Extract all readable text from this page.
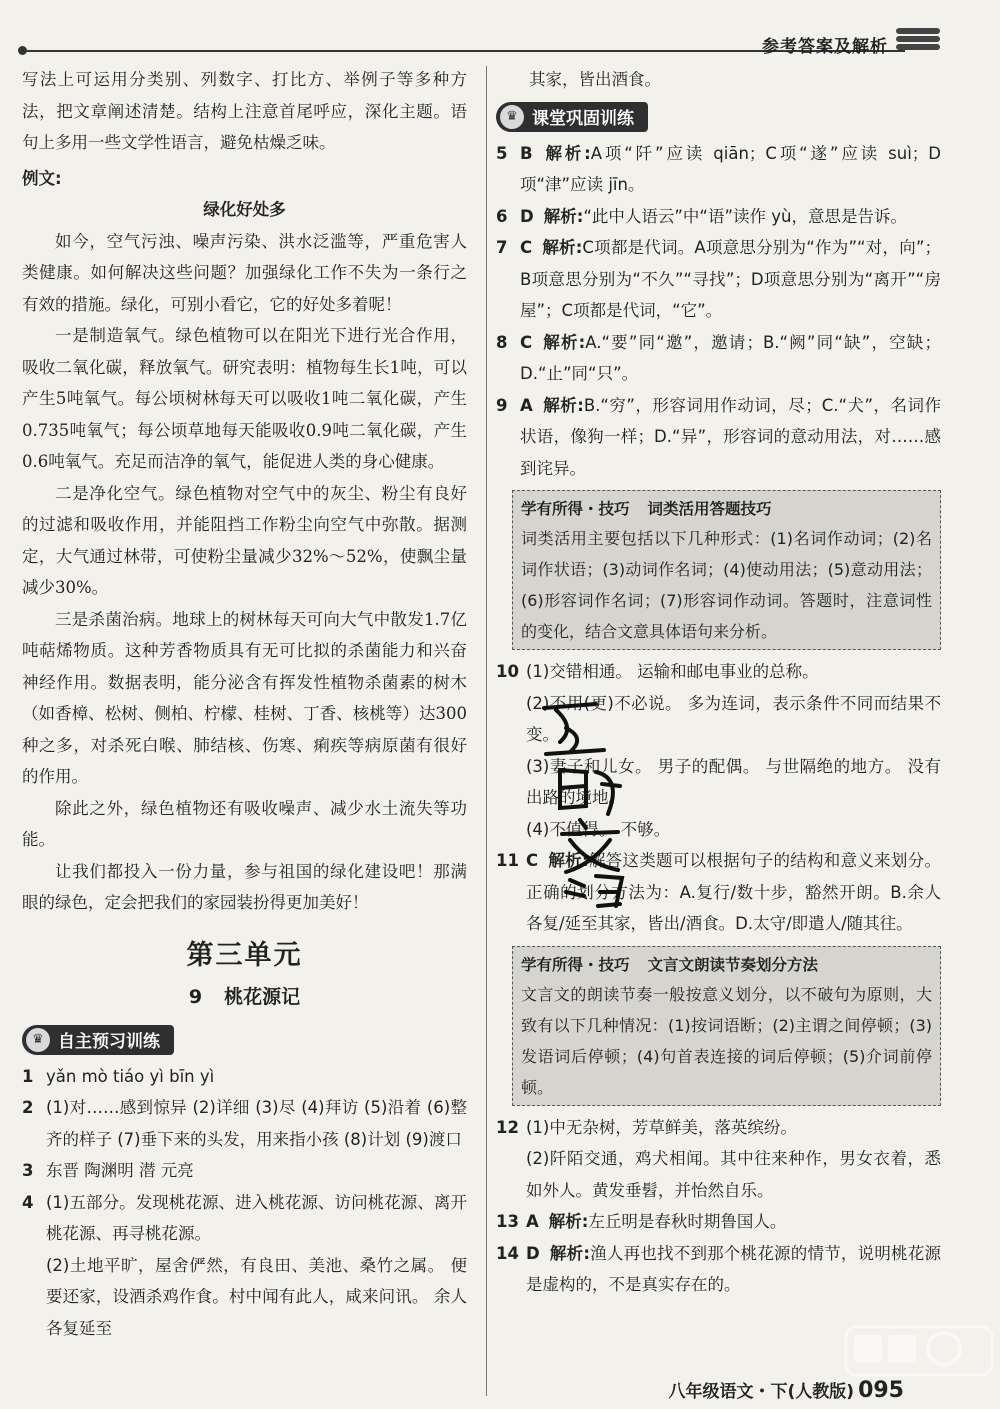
参考答案及解析

写法上可运用分类别、列数字、打比方、举例子等多种方法，把文章阐述清楚。结构上注意首尾呼应，深化主题。语句上多用一些文学性语言，避免枯燥乏味。

例文:

绿化好处多

如今，空气污浊、噪声污染、洪水泛滥等，严重危害人类健康。如何解决这些问题？加强绿化工作不失为一条行之有效的措施。绿化，可别小看它，它的好处多着呢！

一是制造氧气。绿色植物可以在阳光下进行光合作用，吸收二氧化碳，释放氧气。研究表明：植物每生长1吨，可以产生5吨氧气。每公顷树林每天可以吸收1吨二氧化碳，产生0.735吨氧气；每公顷草地每天能吸收0.9吨二氧化碳，产生0.6吨氧气。充足而洁净的氧气，能促进人类的身心健康。

二是净化空气。绿色植物对空气中的灰尘、粉尘有良好的过滤和吸收作用，并能阻挡工作粉尘向空气中弥散。据测定，大气通过林带，可使粉尘量减少32%～52%，使飘尘量减少30%。

三是杀菌治病。地球上的树林每天可向大气中散发1.7亿吨萜烯物质。这种芳香物质具有无可比拟的杀菌能力和兴奋神经作用。数据表明，能分泌含有挥发性植物杀菌素的树木（如香樟、松树、侧柏、柠檬、桂树、丁香、核桃等）达300种之多，对杀死白喉、肺结核、伤寒、痢疾等病原菌有很好的作用。

除此之外，绿色植物还有吸收噪声、减少水土流失等功能。

让我们都投入一份力量，参与祖国的绿化建设吧！那满眼的绿色，定会把我们的家园装扮得更加美好！

第三单元
9 桃花源记
♛ 自主预习训练
1 yǎn mò tiáo yì bīn yì

2 (1)对……感到惊异 (2)详细 (3)尽 (4)拜访 (5)沿着 (6)整齐的样子 (7)垂下来的头发，用来指小孩 (8)计划 (9)渡口

3 东晋 陶渊明 潜 元亮

4 (1)五部分。发现桃花源、进入桃花源、访问桃花源、离开桃花源、再寻桃花源。

(2)土地平旷，屋舍俨然，有良田、美池、桑竹之属。 便要还家，设酒杀鸡作食。村中闻有此人，咸来问讯。 余人各复延至

其家，皆出酒食。

♛ 课堂巩固训练
5 B 解析:A项“阡”应读 qiān；C项“遂”应读 suì；D项“津”应读 jīn。

6 D 解析:“此中人语云”中“语”读作 yù，意思是告诉。

7 C 解析:C项都是代词。A项意思分别为“作为”“对，向”；B项意思分别为“不久”“寻找”；D项意思分别为“离开”“房屋”；C项都是代词，“它”。

8 C 解析:A.“要”同“邀”，邀请；B.“阙”同“缺”，空缺；D.“止”同“只”。

9 A 解析:B.“穷”，形容词用作动词，尽；C.“犬”，名词作状语，像狗一样；D.“异”，形容词的意动用法，对……感到诧异。

学有所得・技巧 词类活用答题技巧

词类活用主要包括以下几种形式：(1)名词作动词；(2)名词作状语；(3)动词作名词；(4)使动用法；(5)意动用法；(6)形容词作名词；(7)形容词作动词。答题时，注意词性的变化，结合文意具体语句来分析。

10 (1)交错相通。 运输和邮电事业的总称。

(2)不用(更)不必说。 多为连词，表示条件不同而结果不变。

(3)妻子和儿女。 男子的配偶。 与世隔绝的地方。 没有出路的境地。

(4)不值得。 不够。

11 C 解析:解答这类题可以根据句子的结构和意义来划分。正确的划分方法为：A.复行/数十步，豁然开朗。B.余人各复/延至其家，皆出/酒食。D.太守/即遣人/随其往。

学有所得・技巧 文言文朗读节奏划分方法

文言文的朗读节奏一般按意义划分，以不破句为原则，大致有以下几种情况：(1)按词语断；(2)主谓之间停顿；(3)发语词后停顿；(4)句首表连接的词后停顿；(5)介词前停顿。

12 (1)中无杂树，芳草鲜美，落英缤纷。

(2)阡陌交通，鸡犬相闻。其中往来种作，男女衣着，悉如外人。黄发垂髫，并怡然自乐。

13 A 解析:左丘明是春秋时期鲁国人。

14 D 解析:渔人再也找不到那个桃花源的情节，说明桃花源是虚构的，不是真实存在的。

八年级语文・下(人教版) 095
